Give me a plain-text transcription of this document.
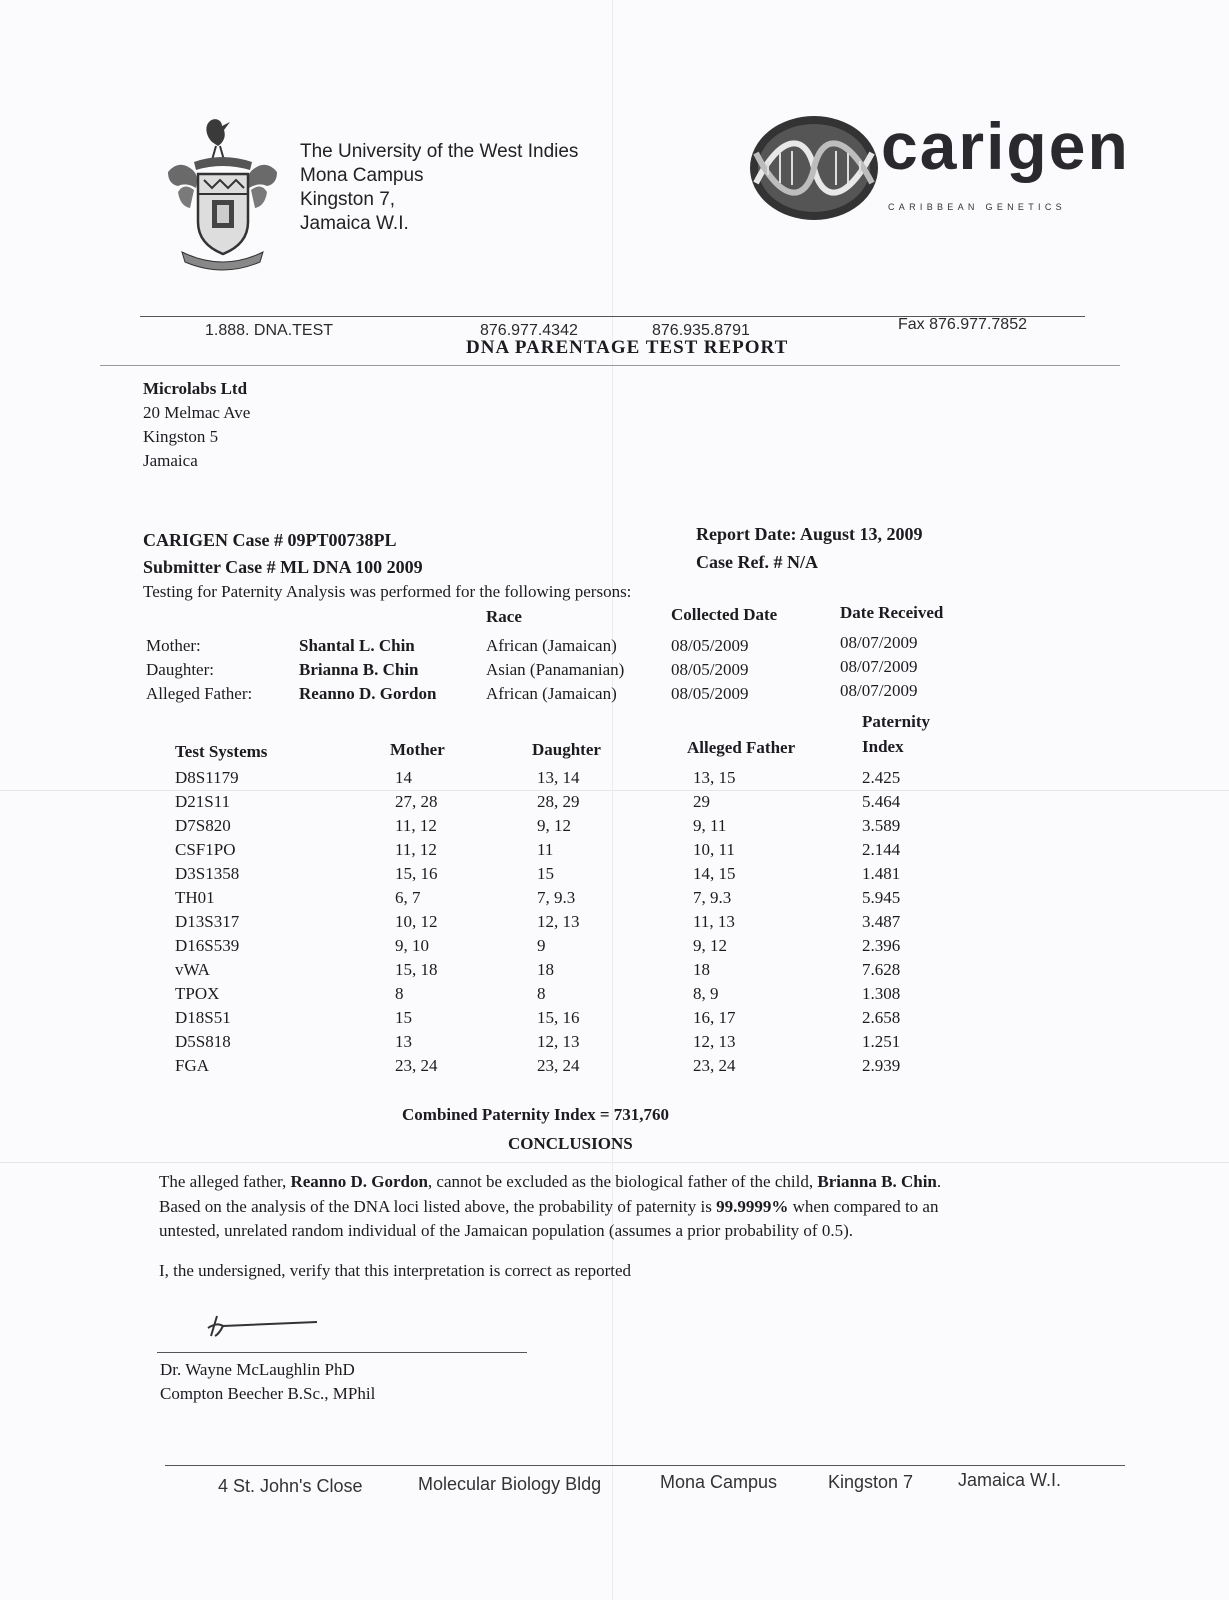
The University of the West Indies
Mona Campus
Kingston 7,
Jamaica W.I.
carigen
CARIBBEAN GENETICS
1.888. DNA.TEST	876.977.4342	876.935.8791	Fax 876.977.7852
DNA PARENTAGE TEST REPORT
Microlabs Ltd
20 Melmac Ave
Kingston 5
Jamaica
CARIGEN Case # 09PT00738PL	Report Date: August 13, 2009
Submitter Case # ML DNA 100 2009	Case Ref. # N/A
Testing for Paternity Analysis was performed for the following persons:
Race	Collected Date	Date Received
Mother:	Shantal L. Chin	African (Jamaican)	08/05/2009	08/07/2009
Daughter:	Brianna B. Chin	Asian (Panamanian)	08/05/2009	08/07/2009
Alleged Father:	Reanno D. Gordon	African (Jamaican)	08/05/2009	08/07/2009
Test Systems	Mother	Daughter	Alleged Father
Paternity
Index
D8S1179	14	13, 14	13, 15	2.425
D21S11	27, 28	28, 29	29	5.464
D7S820	11, 12	9, 12	9, 11	3.589
CSF1PO	11, 12	11	10, 11	2.144
D3S1358	15, 16	15	14, 15	1.481
TH01	6, 7	7, 9.3	7, 9.3	5.945
D13S317	10, 12	12, 13	11, 13	3.487
D16S539	9, 10	9	9, 12	2.396
vWA	15, 18	18	18	7.628
TPOX	8	8	8, 9	1.308
D18S51	15	15, 16	16, 17	2.658
D5S818	13	12, 13	12, 13	1.251
FGA	23, 24	23, 24	23, 24	2.939
Combined Paternity Index = 731,760
CONCLUSIONS
The alleged father, Reanno D. Gordon, cannot be excluded as the biological father of the child, Brianna B. Chin.
Based on the analysis of the DNA loci listed above, the probability of paternity is 99.9999% when compared to an
untested, unrelated random individual of the Jamaican population (assumes a prior probability of 0.5).
I, the undersigned, verify that this interpretation is correct as reported
Dr. Wayne McLaughlin PhD
Compton Beecher B.Sc., MPhil
4 St. John's Close	Molecular Biology Bldg	Mona Campus	Kingston 7 Jamaica W.I.
